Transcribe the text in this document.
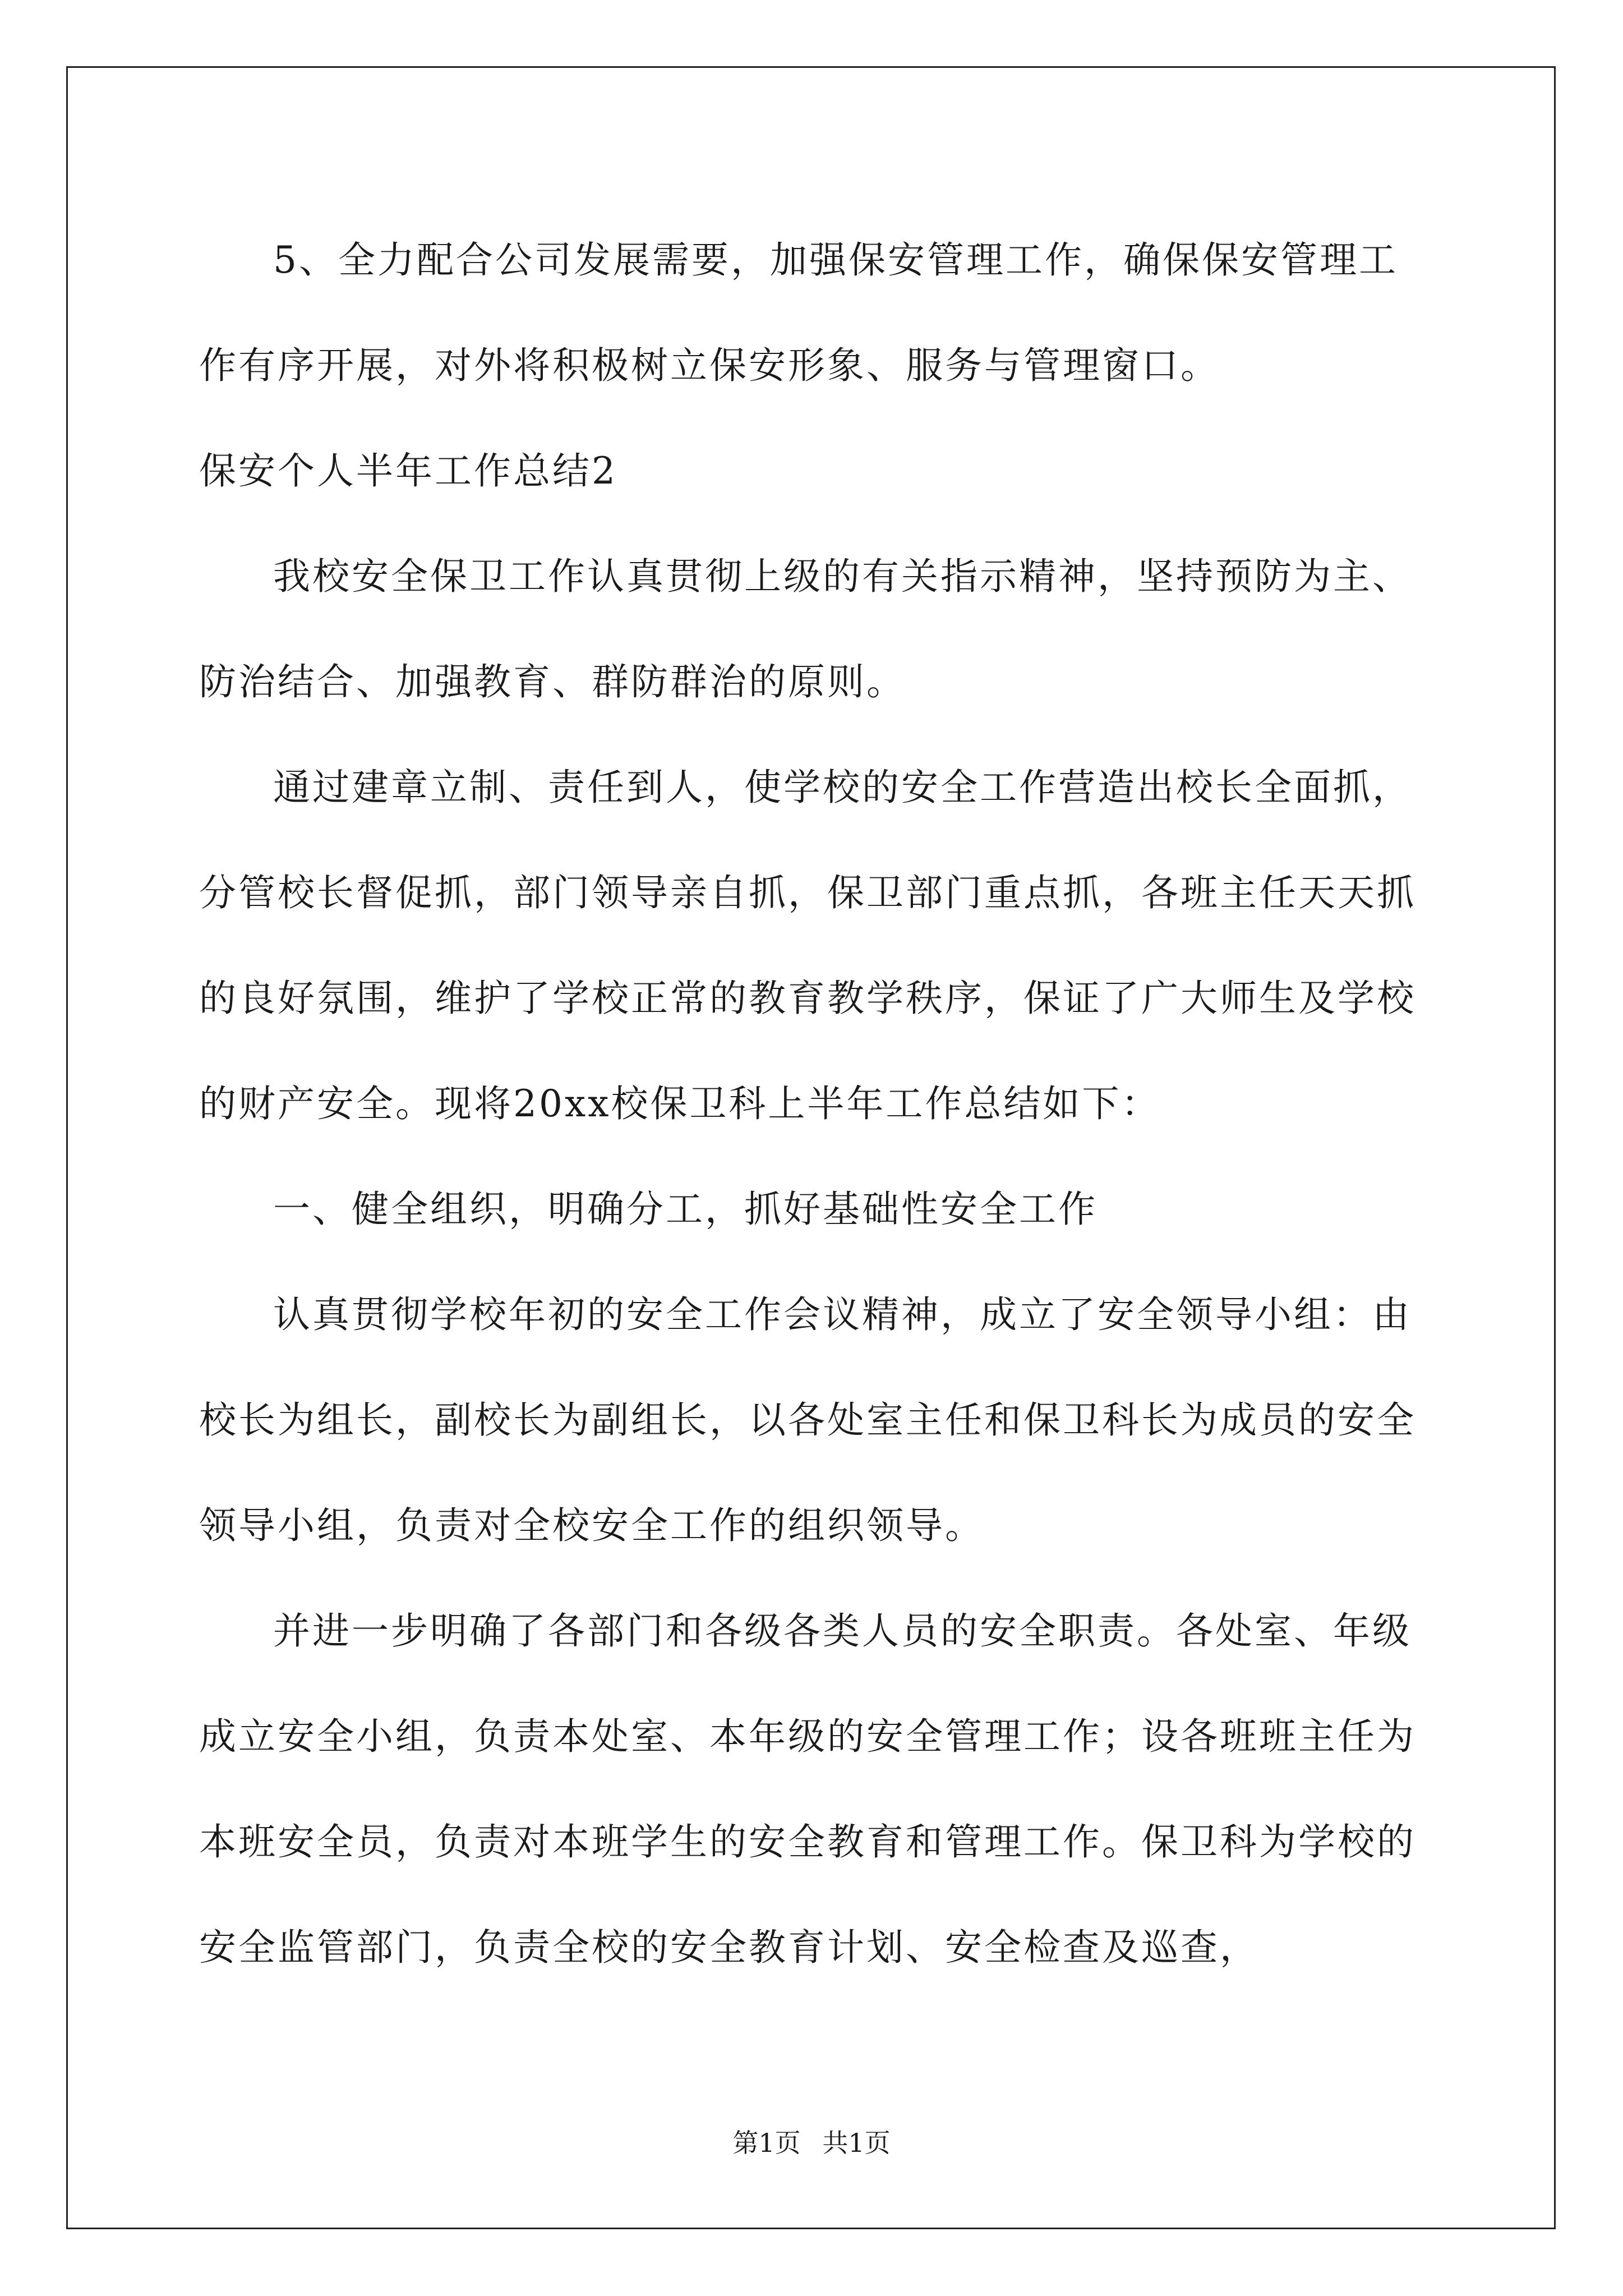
5、全力配合公司发展需要，加强保安管理工作，确保保安管理工作有序开展，对外将积极树立保安形象、服务与管理窗口。

保安个人半年工作总结2

我校安全保卫工作认真贯彻上级的有关指示精神，坚持预防为主、防治结合、加强教育、群防群治的原则。

通过建章立制、责任到人，使学校的安全工作营造出校长全面抓，分管校长督促抓，部门领导亲自抓，保卫部门重点抓，各班主任天天抓的良好氛围，维护了学校正常的教育教学秩序，保证了广大师生及学校的财产安全。现将20xx校保卫科上半年工作总结如下：

一、健全组织，明确分工，抓好基础性安全工作

认真贯彻学校年初的安全工作会议精神，成立了安全领导小组：由校长为组长，副校长为副组长，以各处室主任和保卫科长为成员的安全领导小组，负责对全校安全工作的组织领导。

并进一步明确了各部门和各级各类人员的安全职责。各处室、年级成立安全小组，负责本处室、本年级的安全管理工作；设各班班主任为本班安全员，负责对本班学生的安全教育和管理工作。保卫科为学校的安全监管部门，负责全校的安全教育计划、安全检查及巡查，

第1页 共1页
